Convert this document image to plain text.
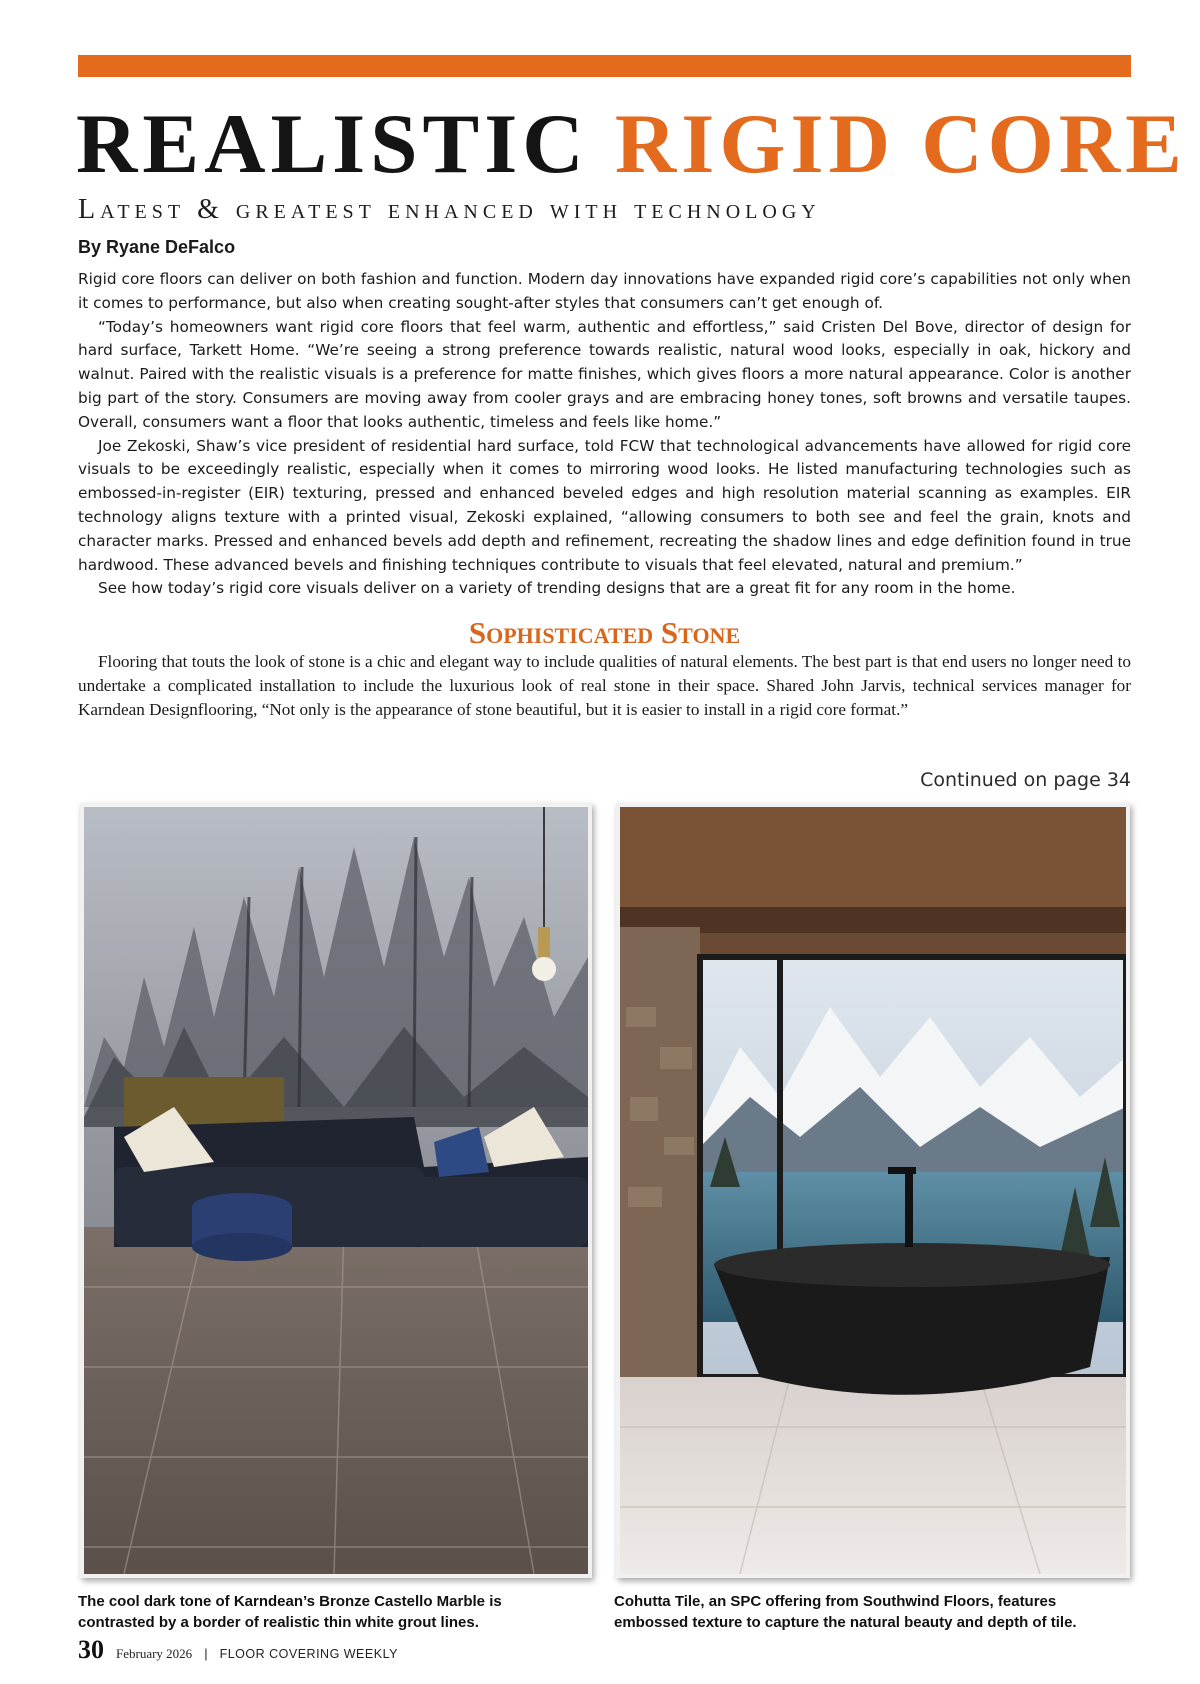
REALISTIC RIGID CORE
Latest & greatest enhanced with technology
By Ryane DeFalco

Rigid core floors can deliver on both fashion and function. Modern day innovations have expanded rigid core’s capabilities not only when it comes to performance, but also when creating sought-after styles that consumers can’t get enough of.

“Today’s homeowners want rigid core floors that feel warm, authentic and effortless,” said Cristen Del Bove, director of design for hard surface, Tarkett Home. “We’re seeing a strong preference towards realistic, natural wood looks, especially in oak, hickory and walnut. Paired with the realistic visuals is a preference for matte finishes, which gives floors a more natural appearance. Color is another big part of the story. Consumers are moving away from cooler grays and are embracing honey tones, soft browns and versatile taupes. Overall, consumers want a floor that looks authentic, timeless and feels like home.”

Joe Zekoski, Shaw’s vice president of residential hard surface, told FCW that technological advancements have allowed for rigid core visuals to be exceedingly realistic, especially when it comes to mirroring wood looks. He listed manufacturing technologies such as embossed-in-register (EIR) texturing, pressed and enhanced beveled edges and high resolution material scanning as examples. EIR technology aligns texture with a printed visual, Zekoski explained, “allowing consumers to both see and feel the grain, knots and character marks. Pressed and enhanced bevels add depth and refinement, recreating the shadow lines and edge definition found in true hardwood. These advanced bevels and finishing techniques contribute to visuals that feel elevated, natural and premium.”

See how today’s rigid core visuals deliver on a variety of trending designs that are a great fit for any room in the home.

Sophisticated Stone

Flooring that touts the look of stone is a chic and elegant way to include qualities of natural elements. The best part is that end users no longer need to undertake a complicated installation to include the luxurious look of real stone in their space. Shared John Jarvis, technical services manager for Karndean Designflooring, “Not only is the appearance of stone beautiful, but it is easier to install in a rigid core format.”

Continued on page 34

The cool dark tone of Karndean’s Bronze Castello Marble is contrasted by a border of realistic thin white grout lines.

Cohutta Tile, an SPC offering from Southwind Floors, features embossed texture to capture the natural beauty and depth of tile.

30 February 2026 | FLOOR COVERING WEEKLY
